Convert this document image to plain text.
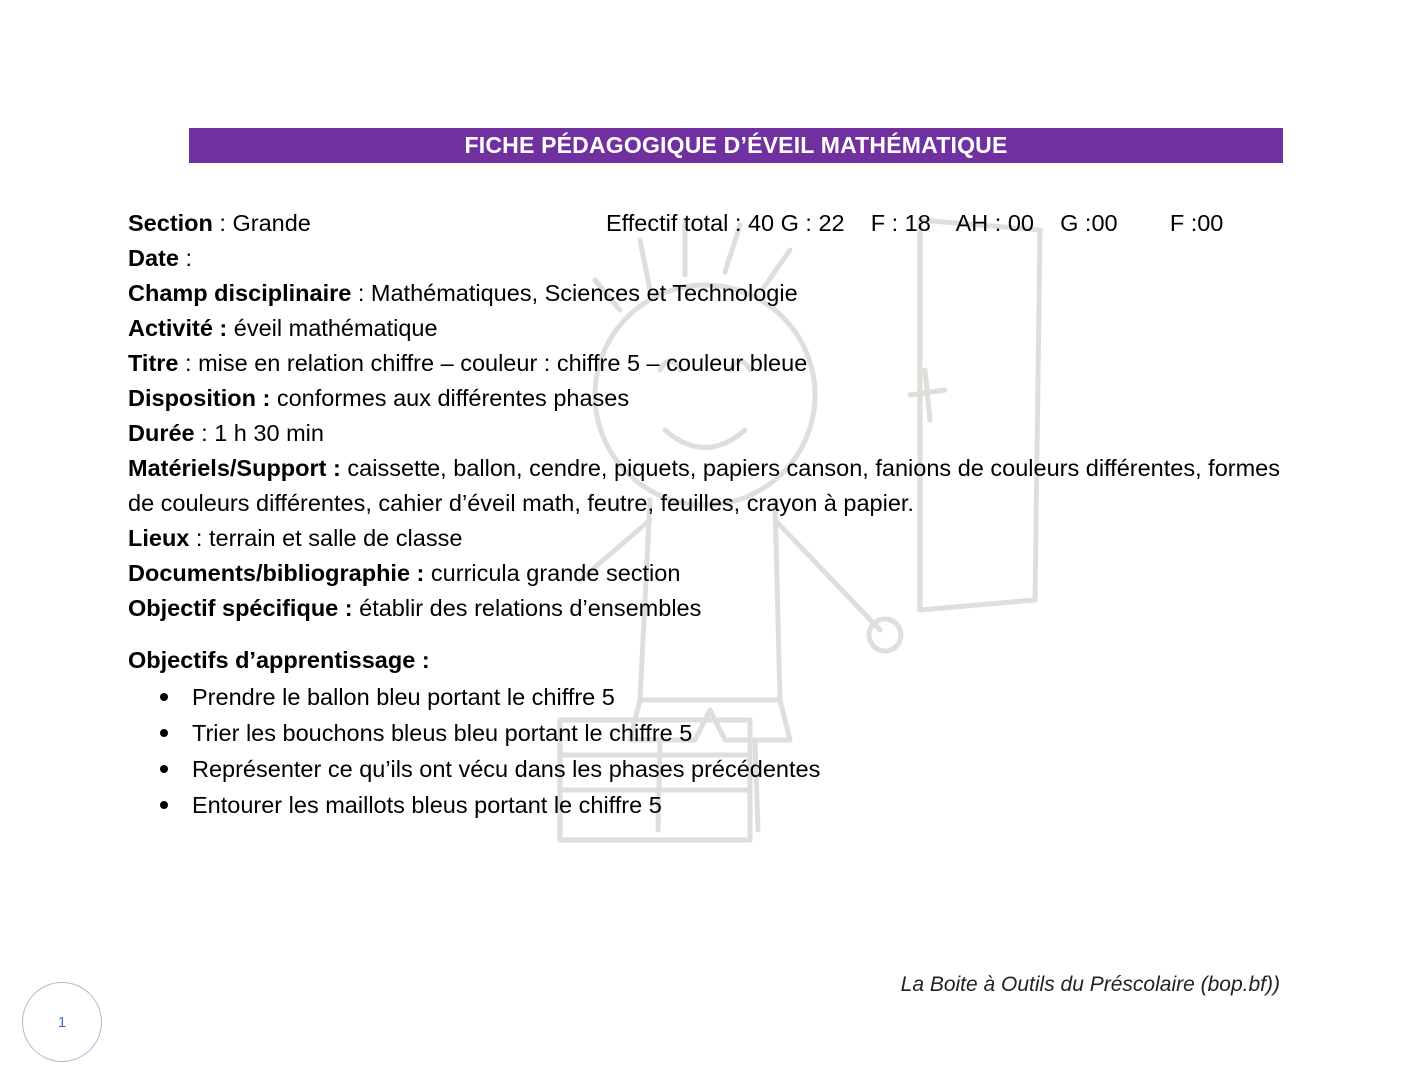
FICHE PÉDAGOGIQUE D’ÉVEIL MATHÉMATIQUE
Section : Grande	Effectif total : 40 G : 22    F : 18    AH : 00    G :00        F :00
Date :
Champ disciplinaire : Mathématiques, Sciences et Technologie
Activité : éveil mathématique
Titre : mise en relation chiffre – couleur : chiffre 5 – couleur bleue
Disposition : conformes aux différentes phases
Durée : 1 h 30 min
Matériels/Support : caissette, ballon, cendre, piquets, papiers canson, fanions de couleurs différentes, formes de couleurs différentes, cahier d’éveil math, feutre, feuilles, crayon à papier.
Lieux : terrain et salle de classe
Documents/bibliographie : curricula grande section
Objectif spécifique : établir des relations d’ensembles
Objectifs d’apprentissage :
Prendre le ballon bleu portant le chiffre 5
Trier les bouchons bleus bleu portant le chiffre 5
Représenter ce qu’ils ont vécu dans les phases précédentes
Entourer les maillots bleus portant le chiffre 5
La Boite à Outils du Préscolaire (bop.bf))
1
